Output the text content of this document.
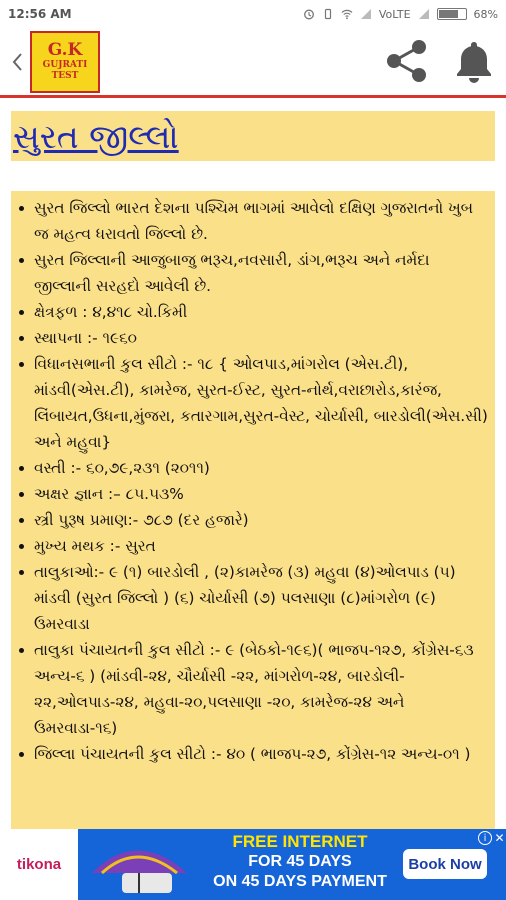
12:56 AM	VoLTE	68%
G.K
GUJRATI
TEST
સુરત જીલ્લો
સુરત જિલ્લો ભારત દેશના પશ્ચિમ ભાગમાં આવેલો દક્ષિણ ગુજરાતનો ખુબ જ મહત્વ ધરાવતો જિલ્લો છે.
સુરત જિલ્લાની આજુબાજુ ભરૂચ,નવસારી, ડાંગ,ભરૂચ અને નર્મદા જીલ્લાની સરહદો આવેલી છે.
ક્ષેત્રફળ : ૪,૪૧૮ ચો.કિમી
સ્થાપના :- ૧૯૬૦
વિધાનસભાની કુલ સીટો :- ૧૮ { ઓલપાડ,માંગરોલ (એસ.ટી), માંડવી(એસ.ટી), કામરેજ, સુરત-ઈસ્ટ, સુરત-નોર્થ,વરાછારોડ,કારંજ, લિંબાયત,ઉધના,મુંજરા, કતારગામ,સુરત-વેસ્ટ, ચોર્યાસી, બારડોલી(એસ.સી) અને મહુવા}
વસ્તી :- ૬૦,૭૯,૨૩૧ (૨૦૧૧)
અક્ષર જ્ઞાન :– ૮૫.૫૩%
સ્ત્રી પુરૂષ પ્રમાણ:- ૭૮૭ (દર હજારે)
મુખ્ય મથક :- સુરત
તાલુકાઓ:- ૯ (૧) બારડોલી , (૨)કામરેજ (૩) મહુવા (૪)ઓલપાડ (૫) માંડવી (સુરત જિલ્લો ) (૬) ચોર્યાસી (૭) પલસાણા (૮)માંગરોળ (૯) ઉમરવાડા
તાલુકા પંચાયતની કુલ સીટો :- ૯ (બેઠકો-૧૯૬)( ભાજપ-૧૨૭, કોંગ્રેસ-૬૩ અન્ય-૬ ) (માંડવી-૨૪, ચૌર્યાસી -૨૨, માંગરોળ-૨૪, બારડોલી- ૨૨,ઓલપાડ-૨૪, મહુવા-૨૦,પલસાણા -૨૦, કામરેજ-૨૪ અને ઉમરવાડા-૧૬)
જિલ્લા પંચાયતની કુલ સીટો :- ૪૦ ( ભાજપ-૨૭, કોંગ્રેસ-૧૨ અન્ય-૦૧ )
tikona
FREE INTERNET
FOR 45 DAYS
ON 45 DAYS PAYMENT
Book Now
i ✕
